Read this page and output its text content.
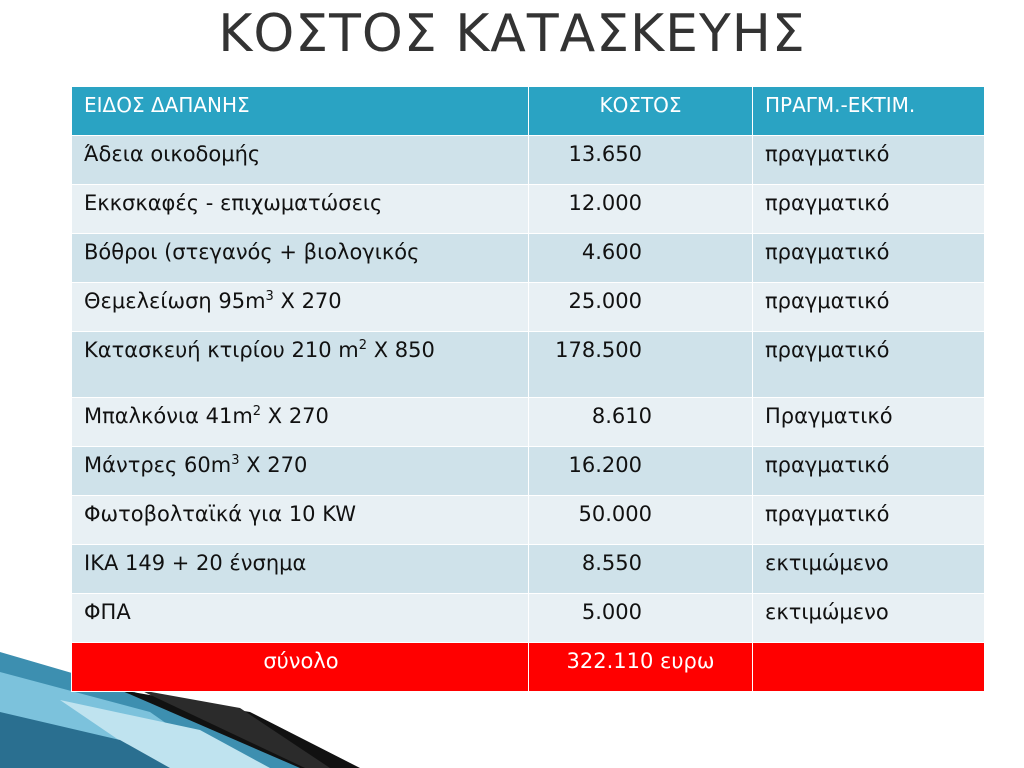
ΚΟΣΤΟΣ ΚΑΤΑΣΚΕΥΗΣ
ΕΙΔΟΣ ΔΑΠΑΝΗΣ	ΚΟΣΤΟΣ	ΠΡΑΓΜ.-ΕΚΤΙΜ.
Άδεια οικοδομής	13.650	πραγματικό
Εκκσκαφές - επιχωματώσεις	12.000	πραγματικό
Βόθροι (στεγανός + βιολογικός	4.600	πραγματικό
Θεμελείωση $95m^3$ Χ 270	25.000	πραγματικό
Κατασκευή κτιρίου 210 $m^2$ Χ 850	178.500	πραγματικό
Μπαλκόνια $41m^2$ Χ 270	8.610	Πραγματικό
Μάντρες $60m^3$ Χ 270	16.200	πραγματικό
Φωτοβολταϊκά για 10 KW	50.000	πραγματικό
ΙΚΑ 149 + 20 ένσημα	8.550	εκτιμώμενο
ΦΠΑ	5.000	εκτιμώμενο
σύνολο	322.110 ευρω	
